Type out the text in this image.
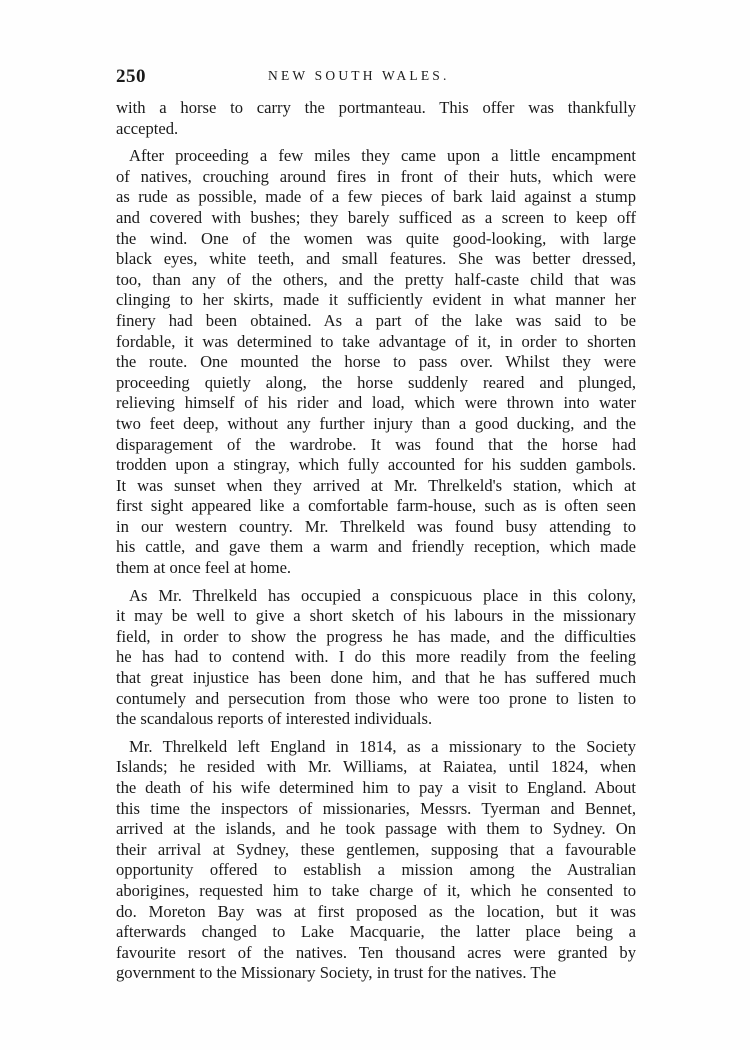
250	NEW SOUTH WALES.
with a horse to carry the portmanteau. This offer was thankfully
accepted.
After proceeding a few miles they came upon a little encampment
of natives, crouching around fires in front of their huts, which were
as rude as possible, made of a few pieces of bark laid against a stump
and covered with bushes; they barely sufficed as a screen to keep off
the wind. One of the women was quite good-looking, with large
black eyes, white teeth, and small features. She was better dressed,
too, than any of the others, and the pretty half-caste child that was
clinging to her skirts, made it sufficiently evident in what manner her
finery had been obtained. As a part of the lake was said to be
fordable, it was determined to take advantage of it, in order to shorten
the route. One mounted the horse to pass over. Whilst they were
proceeding quietly along, the horse suddenly reared and plunged,
relieving himself of his rider and load, which were thrown into water
two feet deep, without any further injury than a good ducking, and the
disparagement of the wardrobe. It was found that the horse had
trodden upon a stingray, which fully accounted for his sudden gambols.
It was sunset when they arrived at Mr. Threlkeld's station, which at
first sight appeared like a comfortable farm-house, such as is often seen
in our western country. Mr. Threlkeld was found busy attending to
his cattle, and gave them a warm and friendly reception, which made
them at once feel at home.
As Mr. Threlkeld has occupied a conspicuous place in this colony,
it may be well to give a short sketch of his labours in the missionary
field, in order to show the progress he has made, and the difficulties
he has had to contend with. I do this more readily from the feeling
that great injustice has been done him, and that he has suffered much
contumely and persecution from those who were too prone to listen to
the scandalous reports of interested individuals.
Mr. Threlkeld left England in 1814, as a missionary to the Society
Islands; he resided with Mr. Williams, at Raiatea, until 1824, when
the death of his wife determined him to pay a visit to England. About
this time the inspectors of missionaries, Messrs. Tyerman and Bennet,
arrived at the islands, and he took passage with them to Sydney. On
their arrival at Sydney, these gentlemen, supposing that a favourable
opportunity offered to establish a mission among the Australian
aborigines, requested him to take charge of it, which he consented to
do. Moreton Bay was at first proposed as the location, but it was
afterwards changed to Lake Macquarie, the latter place being a
favourite resort of the natives. Ten thousand acres were granted by
government to the Missionary Society, in trust for the natives. The
